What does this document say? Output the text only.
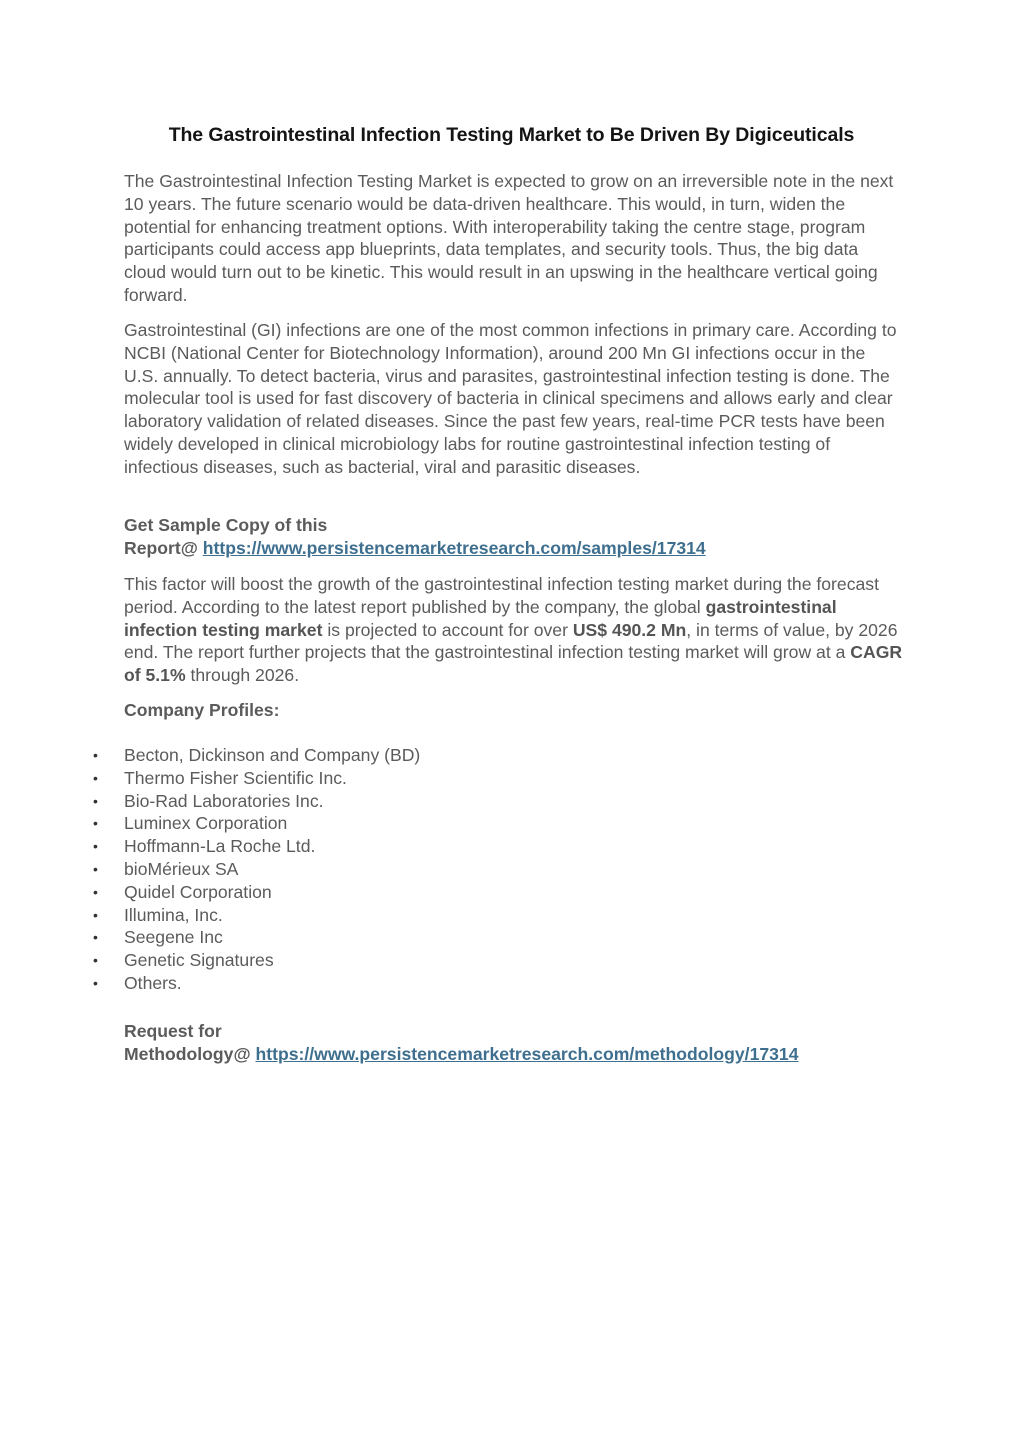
The Gastrointestinal Infection Testing Market to Be Driven By Digiceuticals

The Gastrointestinal Infection Testing Market is expected to grow on an irreversible note in the next 10 years. The future scenario would be data-driven healthcare. This would, in turn, widen the potential for enhancing treatment options. With interoperability taking the centre stage, program participants could access app blueprints, data templates, and security tools. Thus, the big data cloud would turn out to be kinetic. This would result in an upswing in the healthcare vertical going forward.

Gastrointestinal (GI) infections are one of the most common infections in primary care. According to NCBI (National Center for Biotechnology Information), around 200 Mn GI infections occur in the U.S. annually. To detect bacteria, virus and parasites, gastrointestinal infection testing is done. The molecular tool is used for fast discovery of bacteria in clinical specimens and allows early and clear laboratory validation of related diseases. Since the past few years, real-time PCR tests have been widely developed in clinical microbiology labs for routine gastrointestinal infection testing of infectious diseases, such as bacterial, viral and parasitic diseases.

Get Sample Copy of this
Report@ https://www.persistencemarketresearch.com/samples/17314

This factor will boost the growth of the gastrointestinal infection testing market during the forecast period. According to the latest report published by the company, the global gastrointestinal infection testing market is projected to account for over US$ 490.2 Mn, in terms of value, by 2026 end. The report further projects that the gastrointestinal infection testing market will grow at a CAGR of 5.1% through 2026.

Company Profiles:

• Becton, Dickinson and Company (BD)
• Thermo Fisher Scientific Inc.
• Bio-Rad Laboratories Inc.
• Luminex Corporation
• Hoffmann-La Roche Ltd.
• bioMérieux SA
• Quidel Corporation
• Illumina, Inc.
• Seegene Inc
• Genetic Signatures
• Others.

Request for
Methodology@ https://www.persistencemarketresearch.com/methodology/17314
